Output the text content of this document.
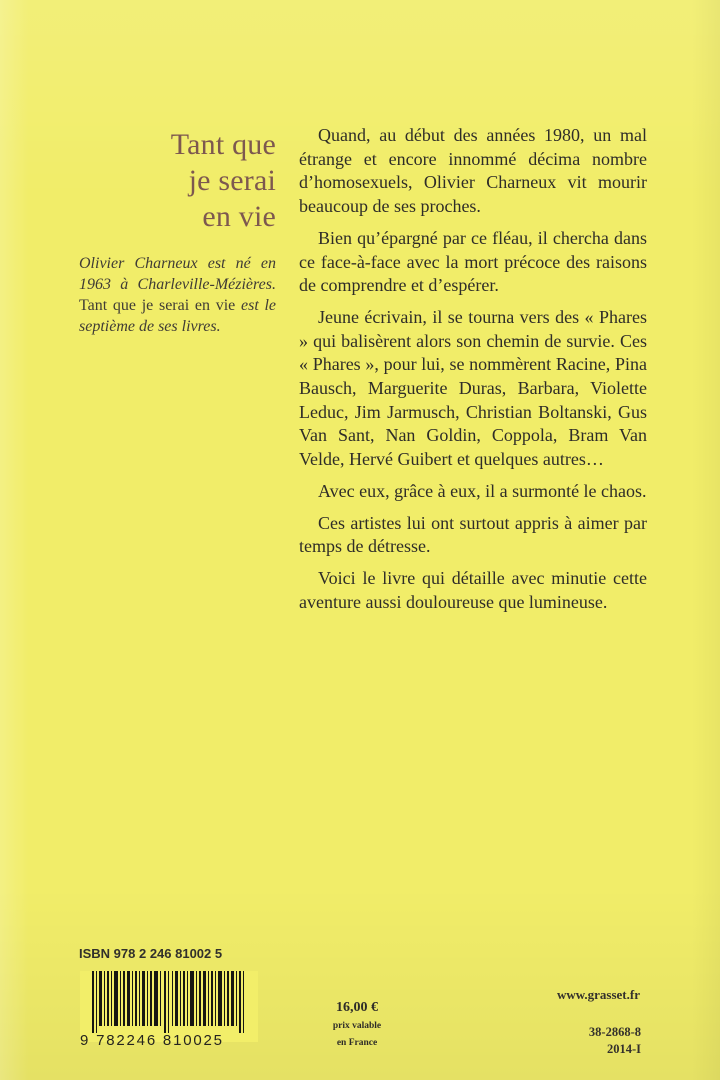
Tant que
je serai
en vie
Olivier Charneux est né en 1963 à Charleville-Mézières. Tant que je serai en vie est le septième de ses livres.

Quand, au début des années 1980, un mal étrange et encore innommé décima nombre d’homosexuels, Olivier Charneux vit mourir beaucoup de ses proches.

Bien qu’épargné par ce fléau, il chercha dans ce face-à-face avec la mort précoce des raisons de comprendre et d’espérer.

Jeune écrivain, il se tourna vers des « Phares » qui balisèrent alors son chemin de survie. Ces « Phares », pour lui, se nommèrent Racine, Pina Bausch, Marguerite Duras, Barbara, Violette Leduc, Jim Jarmusch, Christian Boltanski, Gus Van Sant, Nan Goldin, Coppola, Bram Van Velde, Hervé Guibert et quelques autres…

Avec eux, grâce à eux, il a surmonté le chaos.

Ces artistes lui ont surtout appris à aimer par temps de détresse.

Voici le livre qui détaille avec minutie cette aventure aussi douloureuse que lumineuse.

ISBN 978 2 246 81002 5
9 782246 810025
16,00 €
prix valable
en France
www.grasset.fr
38-2868-8
2014-I
